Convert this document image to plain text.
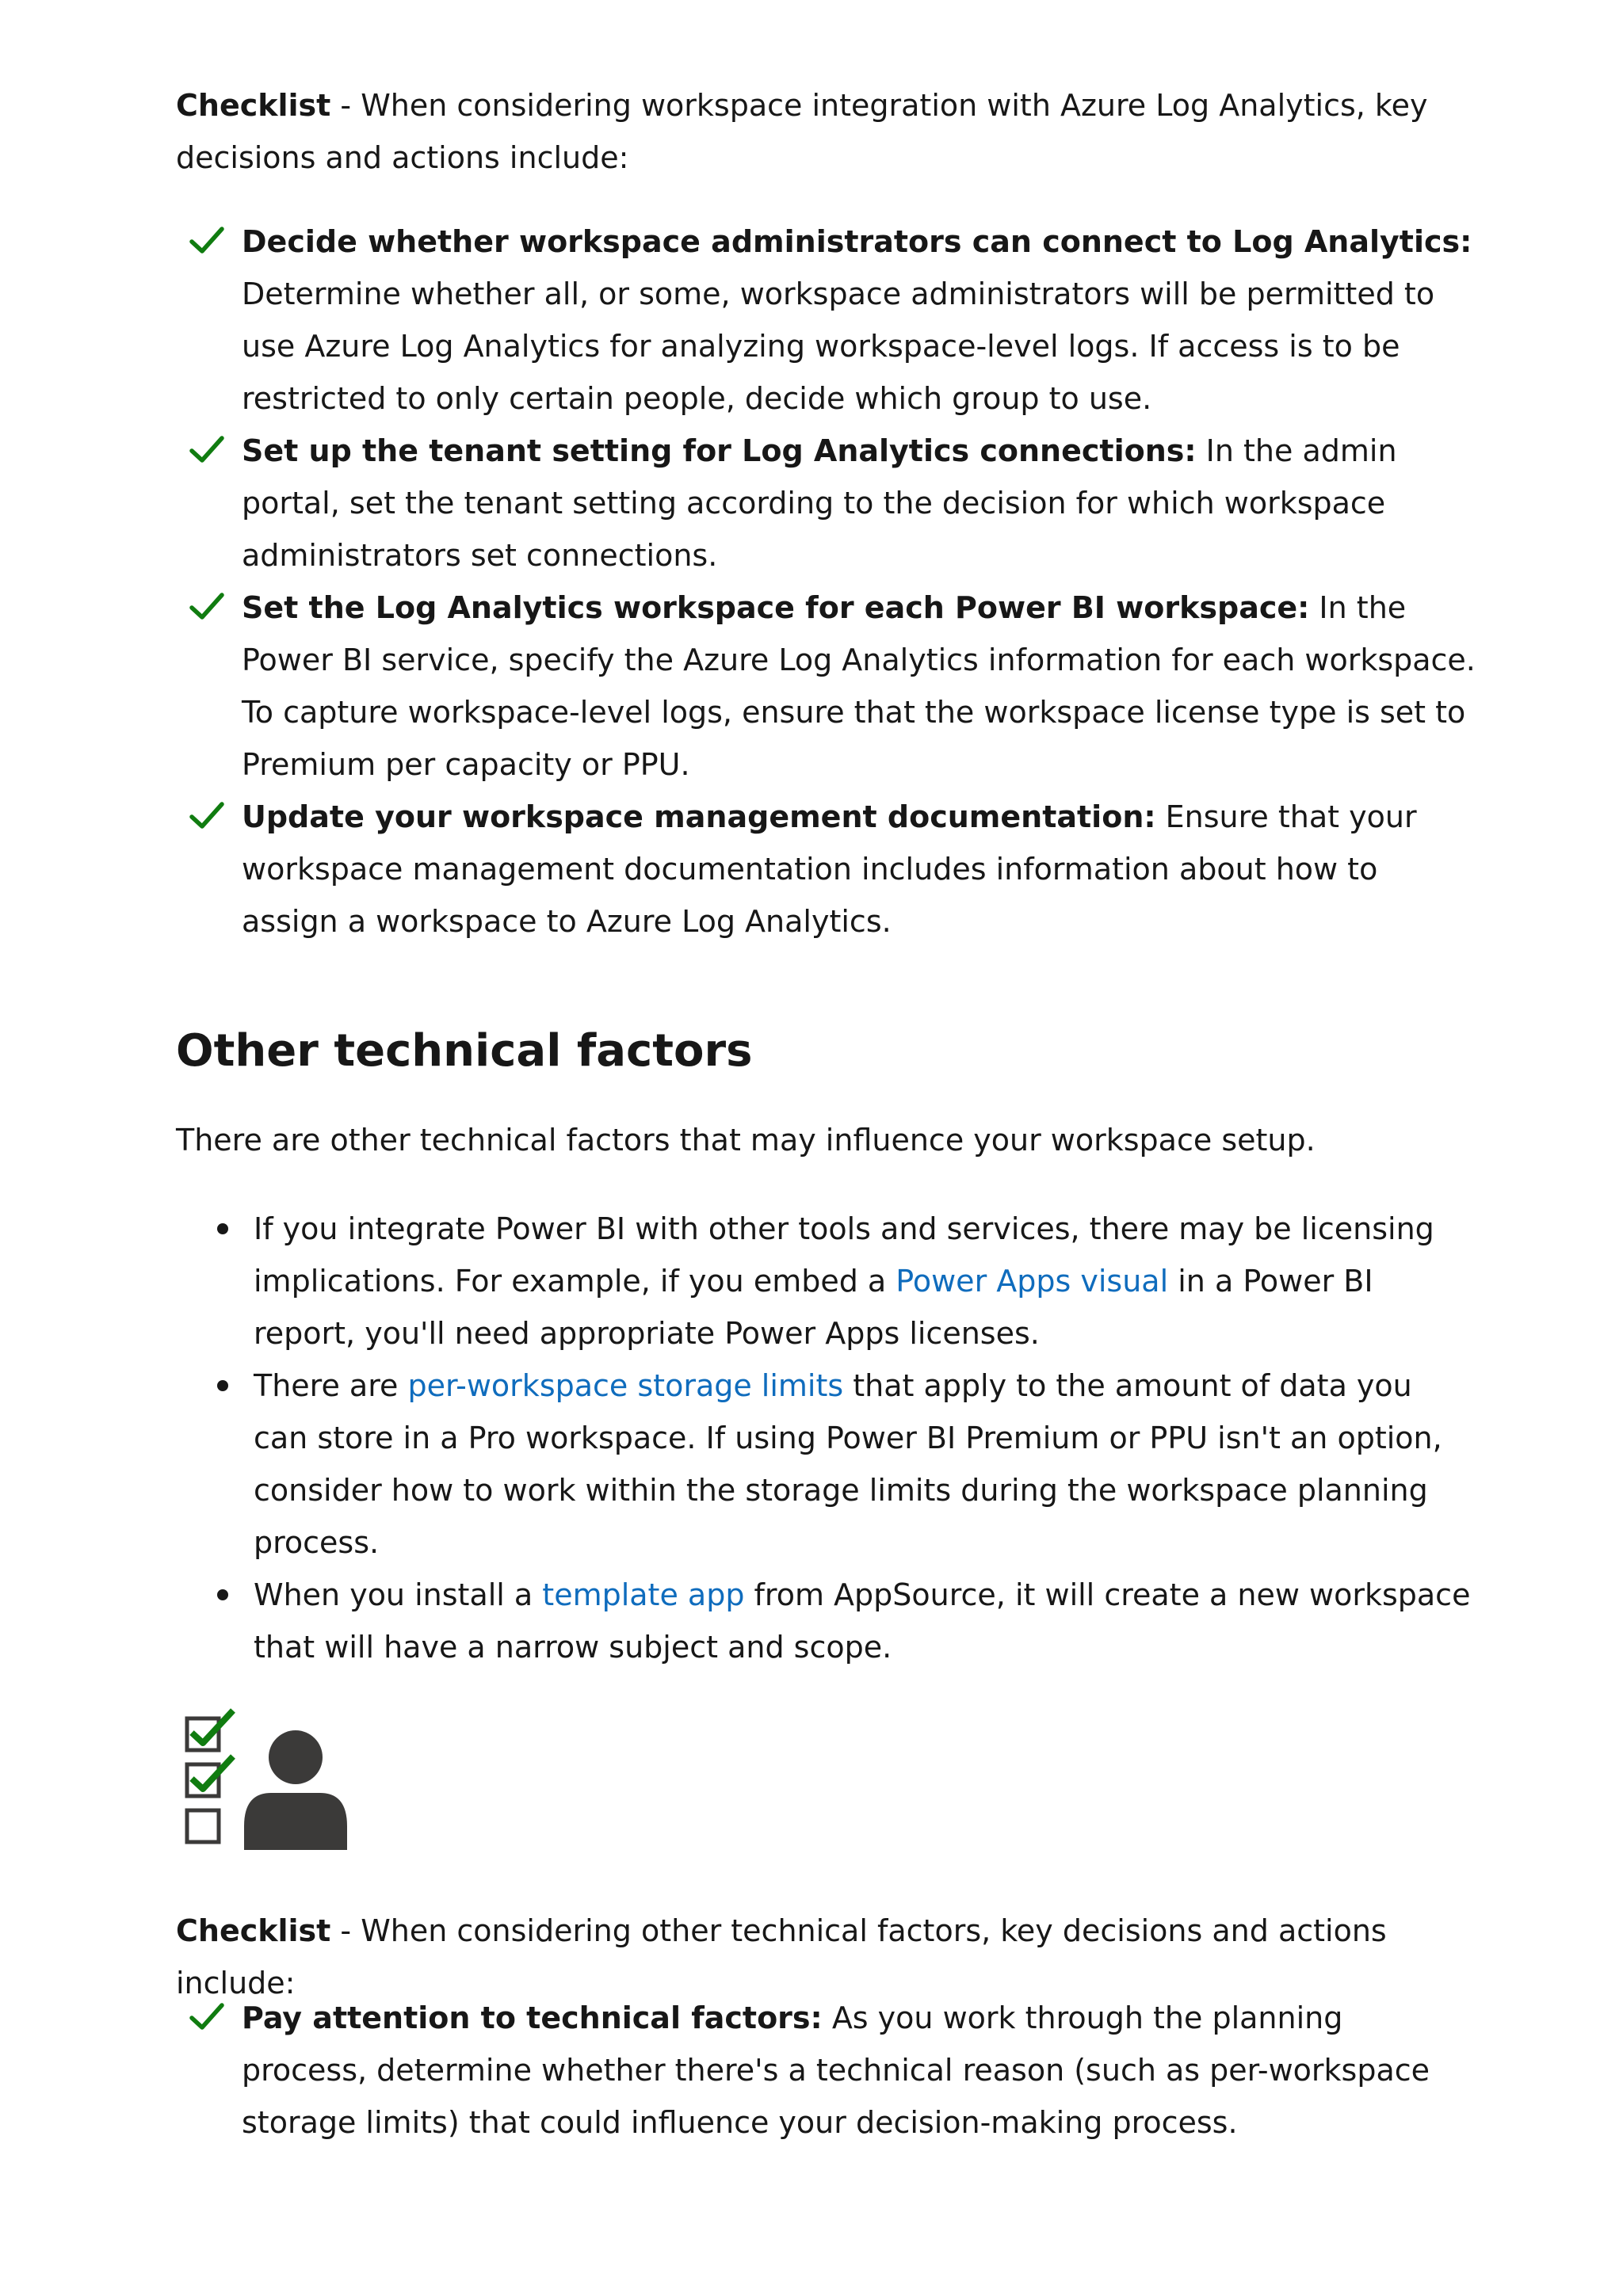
Checklist - When considering workspace integration with Azure Log Analytics, key decisions and actions include:

Decide whether workspace administrators can connect to Log Analytics: Determine whether all, or some, workspace administrators will be permitted to use Azure Log Analytics for analyzing workspace-level logs. If access is to be restricted to only certain people, decide which group to use.
Set up the tenant setting for Log Analytics connections: In the admin portal, set the tenant setting according to the decision for which workspace administrators set connections.
Set the Log Analytics workspace for each Power BI workspace: In the Power BI service, specify the Azure Log Analytics information for each workspace. To capture workspace-level logs, ensure that the workspace license type is set to Premium per capacity or PPU.
Update your workspace management documentation: Ensure that your workspace management documentation includes information about how to assign a workspace to Azure Log Analytics.
Other technical factors

There are other technical factors that may influence your workspace setup.

If you integrate Power BI with other tools and services, there may be licensing implications. For example, if you embed a Power Apps visual in a Power BI report, you'll need appropriate Power Apps licenses.
There are per-workspace storage limits that apply to the amount of data you can store in a Pro workspace. If using Power BI Premium or PPU isn't an option, consider how to work within the storage limits during the workspace planning process.
When you install a template app from AppSource, it will create a new workspace that will have a narrow subject and scope.

Checklist - When considering other technical factors, key decisions and actions include:

Pay attention to technical factors: As you work through the planning process, determine whether there's a technical reason (such as per-workspace storage limits) that could influence your decision-making process.
